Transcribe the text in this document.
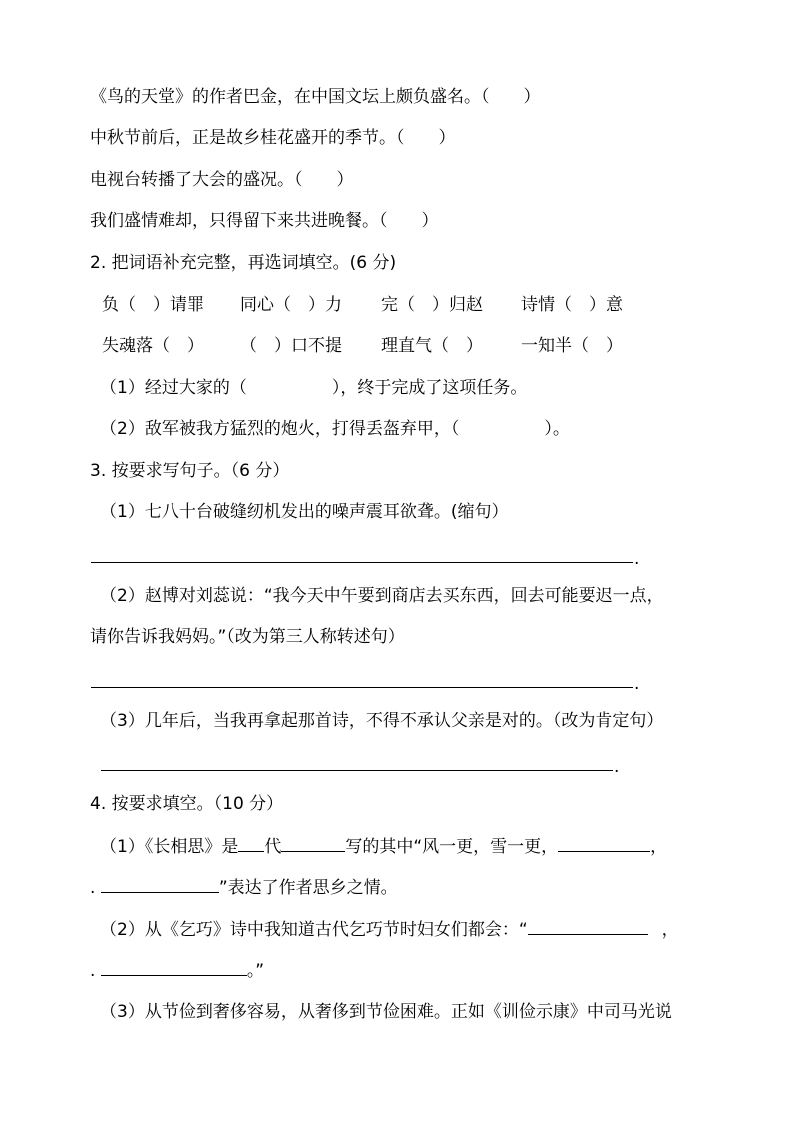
《鸟的天堂》的作者巴金，在中国文坛上颇负盛名。（　　）
中秋节前后，正是故乡桂花盛开的季节。（　　）
电视台转播了大会的盛况。（　　）
我们盛情难却，只得留下来共进晚餐。（　　）
2. 把词语补充完整，再选词填空。(6 分)
负（　）请罪 同心（　）力 完（　）归赵 诗情（　）意
失魂落（　） （　）口不提 理直气（　） 一知半（　）
（1）经过大家的（　　　　　），终于完成了这项任务。
（2）敌军被我方猛烈的炮火，打得丢盔弃甲，（　　　　　）。
3. 按要求写句子。（6 分）
（1）七八十台破缝纫机发出的噪声震耳欲聋。(缩句）
.
（2）赵博对刘蕊说：“我今天中午要到商店去买东西，回去可能要迟一点，
请你告诉我妈妈。”（改为第三人称转述句）
.
（3）几年后，当我再拿起那首诗，不得不承认父亲是对的。（改为肯定句）
.
4. 按要求填空。（10 分）
（1）《长相思》是 代	写的其中“风一更，雪一更，	，
.	”表达了作者思乡之情。
（2）从《乞巧》诗中我知道古代乞巧节时妇女们都会：“	，
.	。”
（3）从节俭到奢侈容易，从奢侈到节俭困难。正如《训俭示康》中司马光说
